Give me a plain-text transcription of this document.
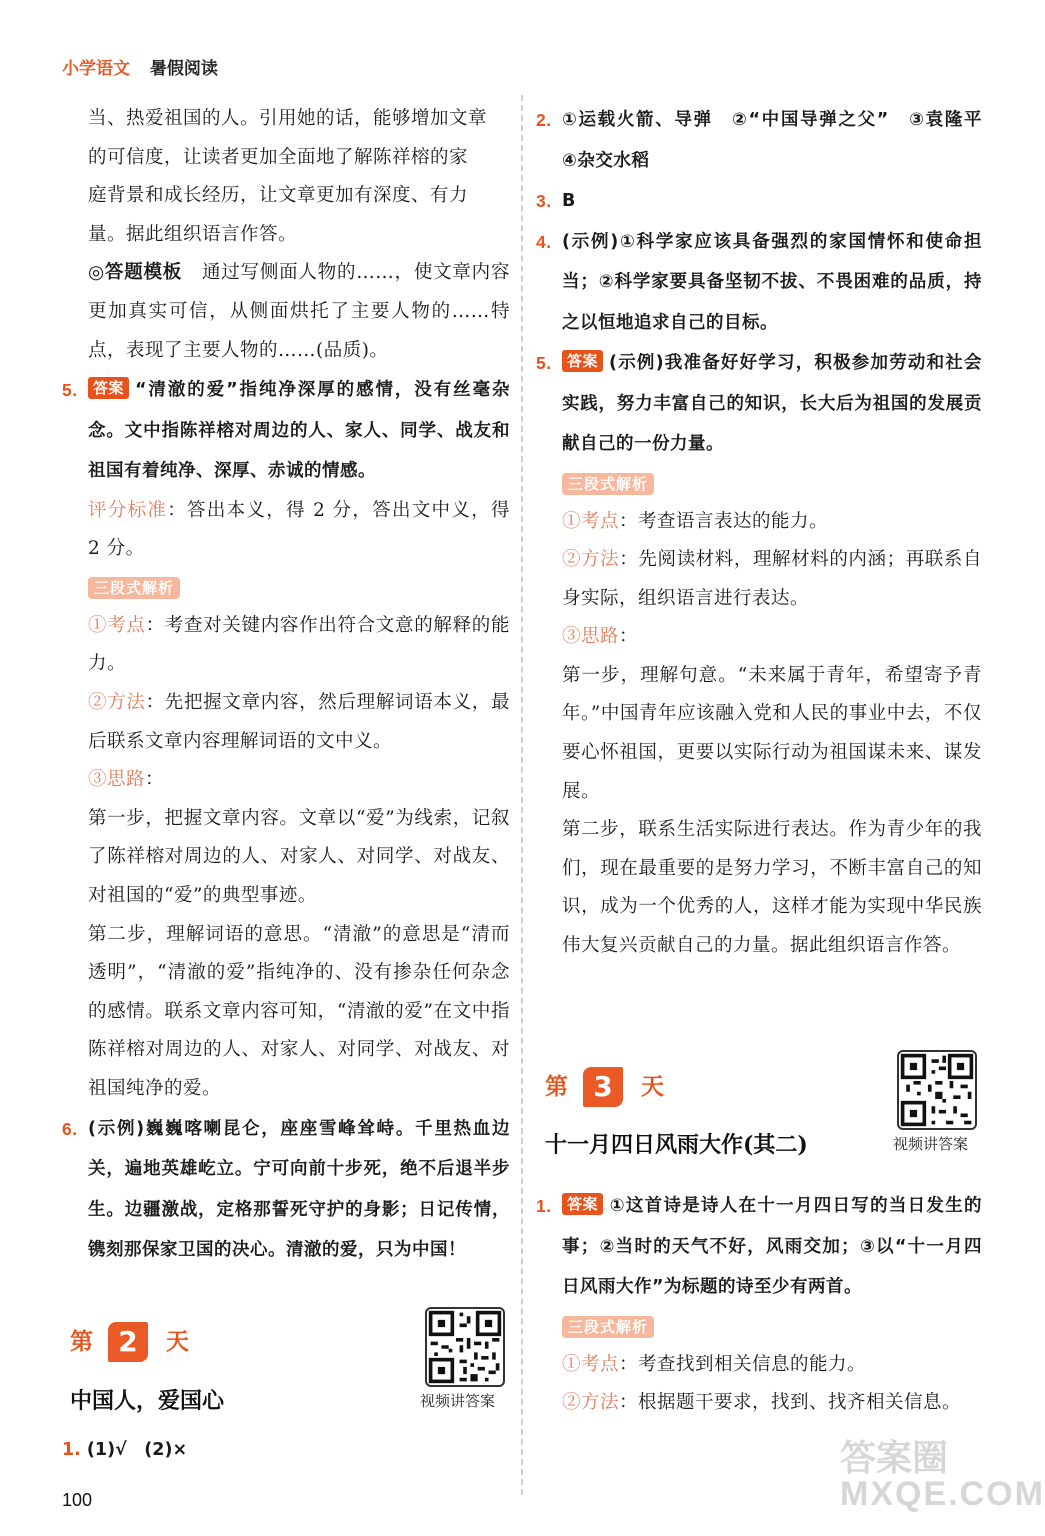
小学语文 暑假阅读

当、热爱祖国的人。引用她的话，能够增加文章

的可信度，让读者更加全面地了解陈祥榕的家

庭背景和成长经历，让文章更加有深度、有力

量。据此组织语言作答。

◎答题模板 通过写侧面人物的……，使文章内容更加真实可信，从侧面烘托了主要人物的……特点，表现了主要人物的……(品质)。

5. 答案 “清澈的爱”指纯净深厚的感情，没有丝毫杂念。文中指陈祥榕对周边的人、家人、同学、战友和祖国有着纯净、深厚、赤诚的情感。

评分标准：答出本义，得 2 分，答出文中义，得 2 分。

三段式解析

①考点：考查对关键内容作出符合文意的解释的能力。

②方法：先把握文章内容，然后理解词语本义，最后联系文章内容理解词语的文中义。

③思路：

第一步，把握文章内容。文章以“爱”为线索，记叙了陈祥榕对周边的人、对家人、对同学、对战友、对祖国的“爱”的典型事迹。

第二步，理解词语的意思。“清澈”的意思是“清而透明”，“清澈的爱”指纯净的、没有掺杂任何杂念的感情。联系文章内容可知，“清澈的爱”在文中指陈祥榕对周边的人、对家人、对同学、对战友、对祖国纯净的爱。

6. (示例)巍巍喀喇昆仑，座座雪峰耸峙。千里热血边关，遍地英雄屹立。宁可向前十步死，绝不后退半步生。边疆激战，定格那誓死守护的身影；日记传情，镌刻那保家卫国的决心。清澈的爱，只为中国！
第 2	天
视频讲答案
中国人，爱国心
1. (1)√　(2)×
2. ①运载火箭、导弹　②“中国导弹之父”　③袁隆平　④杂交水稻
3. B
4. (示例)①科学家应该具备强烈的家国情怀和使命担当；②科学家要具备坚韧不拔、不畏困难的品质，持之以恒地追求自己的目标。
5. 答案 (示例)我准备好好学习，积极参加劳动和社会实践，努力丰富自己的知识，长大后为祖国的发展贡献自己的一份力量。
三段式解析

①考点：考查语言表达的能力。

②方法：先阅读材料，理解材料的内涵；再联系自身实际，组织语言进行表达。

③思路：

第一步，理解句意。“未来属于青年，希望寄予青年。”中国青年应该融入党和人民的事业中去，不仅要心怀祖国，更要以实际行动为祖国谋未来、谋发展。

第二步，联系生活实际进行表达。作为青少年的我们，现在最重要的是努力学习，不断丰富自己的知识，成为一个优秀的人，这样才能为实现中华民族伟大复兴贡献自己的力量。据此组织语言作答。

第 3	天
视频讲答案
十一月四日风雨大作(其二)
1. 答案 ①这首诗是诗人在十一月四日写的当日发生的事；②当时的天气不好，风雨交加；③以“十一月四日风雨大作”为标题的诗至少有两首。
三段式解析

①考点：考查找到相关信息的能力。

②方法：根据题干要求，找到、找齐相关信息。

100
答案圈
MXQE.COM
